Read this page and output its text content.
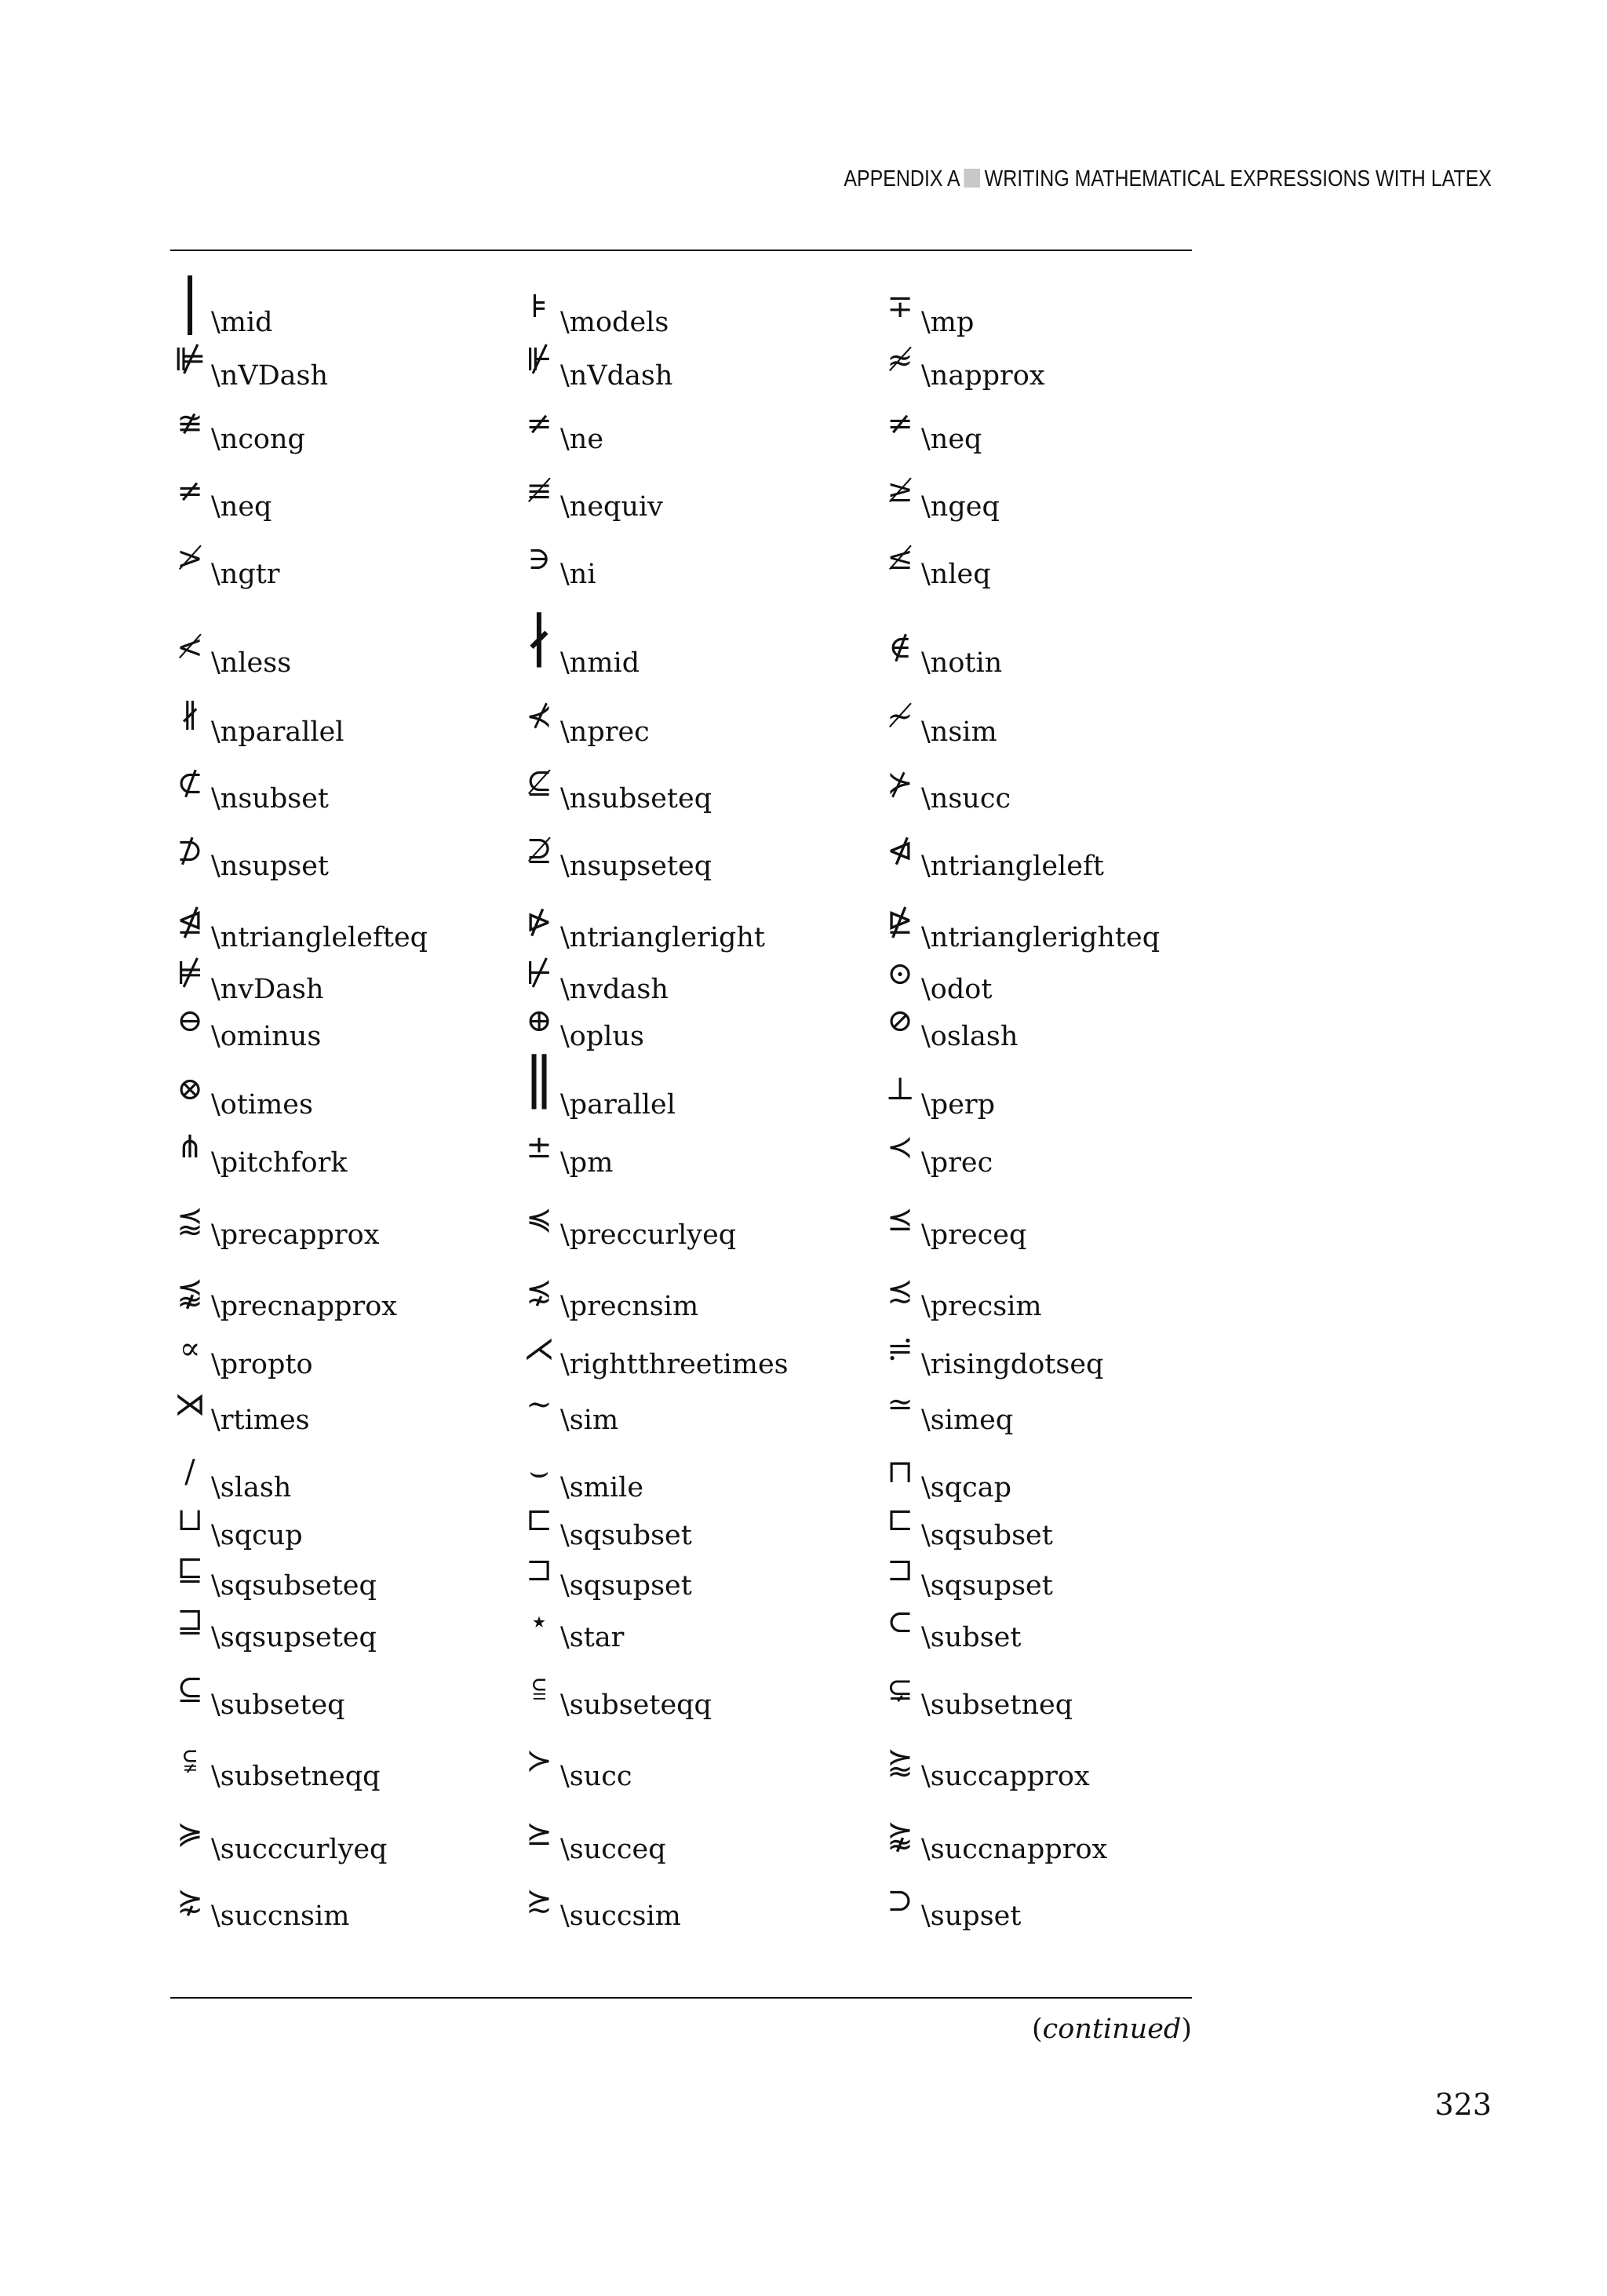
APPENDIX A WRITING MATHEMATICAL EXPRESSIONS WITH LATEX
| \mid	⊧ \models	∓ \mp
⊯ \nVDash	⊮ \nVdash	≉ \napprox
≇ \ncong	≠ \ne	≠ \neq
≠ \neq	≢ \nequiv	≱ \ngeq
≯ \ngtr	∋ \ni	≰ \nleq
≮ \nless	∤ \nmid	∉ \notin
∦ \nparallel	⊀ \nprec	≁ \nsim
⊄ \nsubset	⊈ \nsubseteq	⊁ \nsucc
⊅ \nsupset	⊉ \nsupseteq	⋪ \ntriangleleft
⋬ \ntrianglelefteq	⋫ \ntriangleright	⋭ \ntrianglerighteq
⊭ \nvDash	⊬ \nvdash	⊙ \odot
⊖ \ominus	⊕ \oplus	⊘ \oslash
⊗ \otimes	∥ \parallel	⊥ \perp
⋔ \pitchfork	± \pm	≺ \prec
⪷ \precapprox	≼ \preccurlyeq	⪯ \preceq
⪹ \precnapprox	⋨ \precnsim	≾ \precsim
∝ \propto	⋌ \rightthreetimes	≓ \risingdotseq
⋊ \rtimes	∼ \sim	≃ \simeq
/ \slash	⌣ \smile	⊓ \sqcap
⊔ \sqcup	⊏ \sqsubset	⊏ \sqsubset
⊑ \sqsubseteq	⊐ \sqsupset	⊐ \sqsupset
⊒ \sqsupseteq	⋆ \star	⊂ \subset
⊆ \subseteq	⫅ \subseteqq	⊊ \subsetneq
⫋ \subsetneqq	≻ \succ	⪸ \succapprox
≽ \succcurlyeq	⪰ \succeq	⪺ \succnapprox
⋩ \succnsim	≿ \succsim	⊃ \supset
(continued)
323
